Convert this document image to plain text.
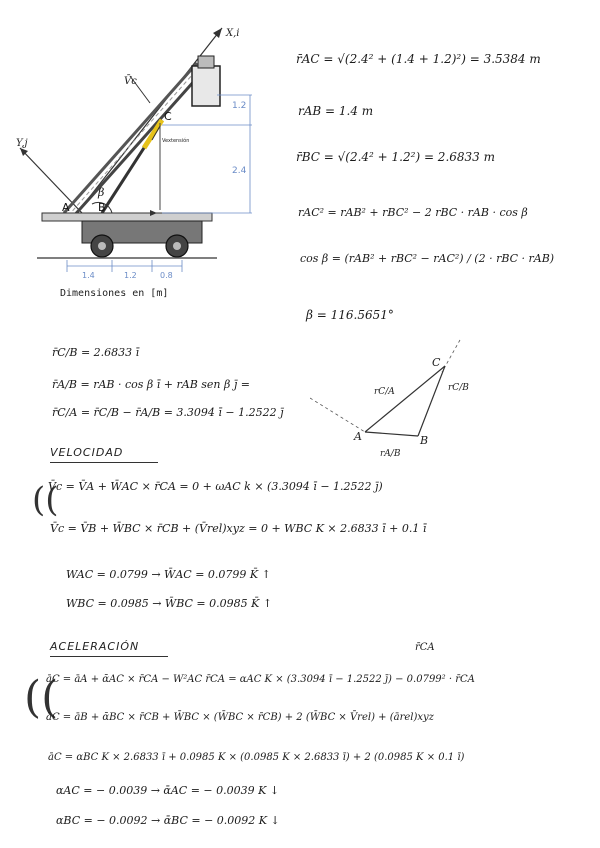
X,i
Y,j
V̄c
A	B
C
β
Vextensión
1.2
2.4
1.4	1.2	0.8
Dimensiones en [m]
r̄AC = √(2.4² + (1.4 + 1.2)²) = 3.5384 m
rAB = 1.4 m
r̄BC = √(2.4² + 1.2²) = 2.6833 m
rAC² = rAB² + rBC² − 2 rBC · rAB · cos β
cos β = (rAB² + rBC² − rAC²) / (2 · rBC · rAB)
β = 116.5651°
r̄C/B = 2.6833 ī
r̄A/B = rAB · cos β ī + rAB sen β j̄ =
r̄C/A = r̄C/B − r̄A/B = 3.3094 ī − 1.2522 j̄
A	B
C
rC/A	rC/B
rA/B
VELOCIDAD
((
V̄c = V̄A + W̄AC × r̄CA = 0 + ωAC k × (3.3094 ī − 1.2522 j̄)
V̄c = V̄B + W̄BC × r̄CB + (V̄rel)xyz = 0 + WBC K × 2.6833 ī + 0.1 ī
WAC = 0.0799 → W̄AC = 0.0799 K̄ ↑
WBC = 0.0985 → W̄BC = 0.0985 K̄ ↑
ACELERACIÓN	r̄CA
((
āC = āA + ᾱAC × r̄CA − W²AC r̄CA = αAC K × (3.3094 ī − 1.2522 j̄) − 0.0799² · r̄CA
āC = āB + ᾱBC × r̄CB + W̄BC × (W̄BC × r̄CB) + 2 (W̄BC × V̄rel) + (ārel)xyz
āC = αBC K × 2.6833 ī + 0.0985 K × (0.0985 K × 2.6833 ī) + 2 (0.0985 K × 0.1 ī)
αAC = − 0.0039 → ᾱAC = − 0.0039 K ↓
αBC = − 0.0092 → ᾱBC = − 0.0092 K ↓
